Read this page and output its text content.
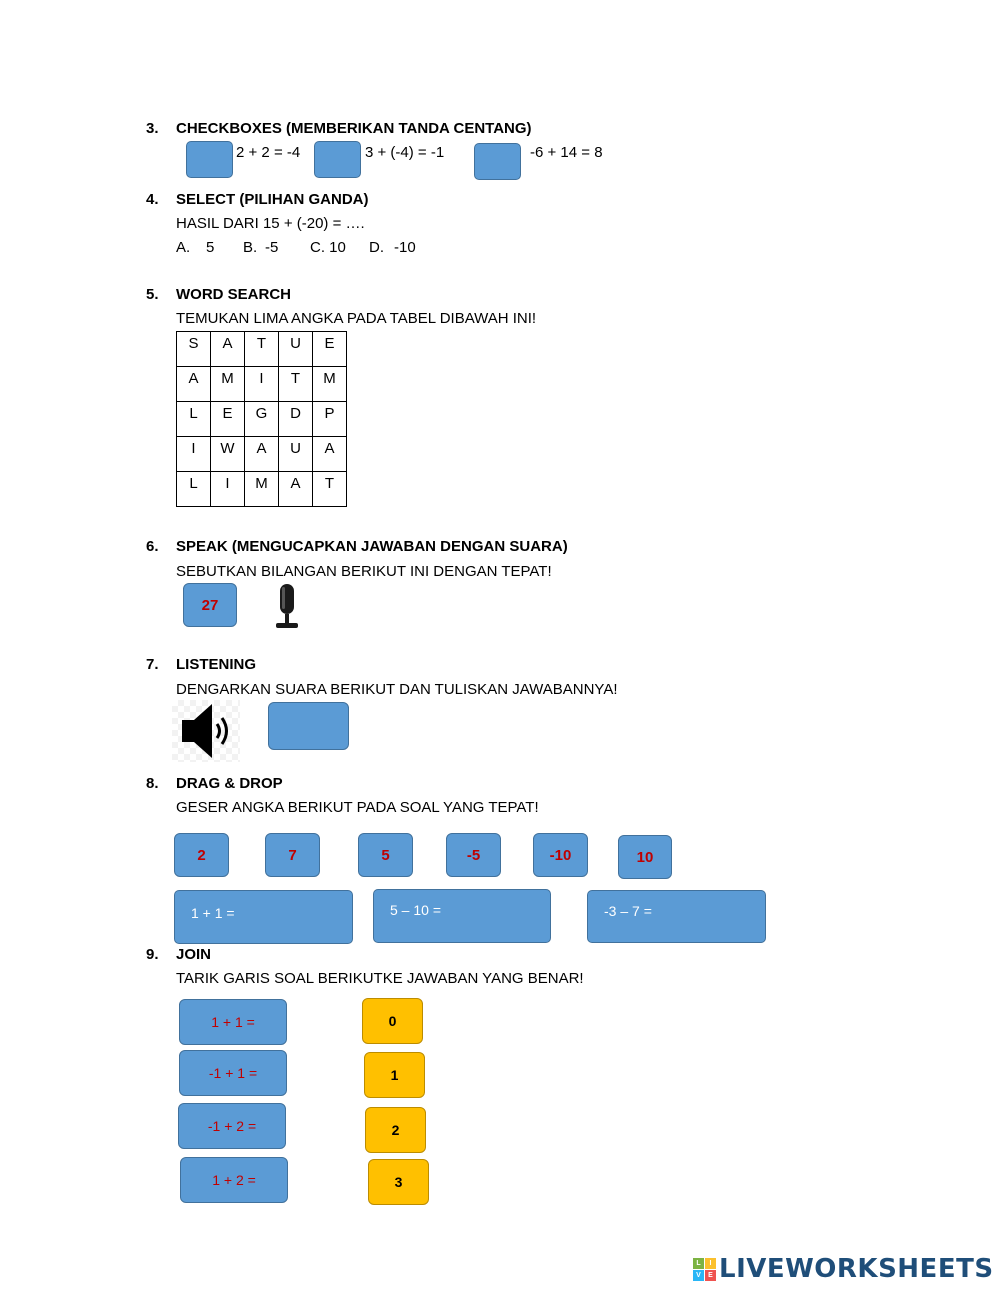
3. CHECKBOXES (MEMBERIKAN TANDA CENTANG)
2 + 2 = -4	3 + (-4) = -1	-6 + 14 = 8
4. SELECT (PILIHAN GANDA)
HASIL DARI 15 + (-20) = ….
A. 5 B. -5 C. 10 D. -10
5. WORD SEARCH
TEMUKAN LIMA ANGKA PADA TABEL DIBAWAH INI!
S	A	T	U	E
A	M	I	T	M
L	E	G	D	P
I	W	A	U	A
L	I	M	A	T
6. SPEAK (MENGUCAPKAN JAWABAN DENGAN SUARA)
SEBUTKAN BILANGAN BERIKUT INI DENGAN TEPAT!
27
7. LISTENING
DENGARKAN SUARA BERIKUT DAN TULISKAN JAWABANNYA!
8. DRAG & DROP
GESER ANGKA BERIKUT PADA SOAL YANG TEPAT!
2	7	5	-5	-10	10
1 + 1 =	5 – 10 =	-3 – 7 =
9. JOIN
TARIK GARIS SOAL BERIKUTKE JAWABAN YANG BENAR!
1 + 1 =
-1 + 1 =
-1 + 2 =
1 + 2 =
0
1
2
3
L	I
V	E LIVEWORKSHEETS
